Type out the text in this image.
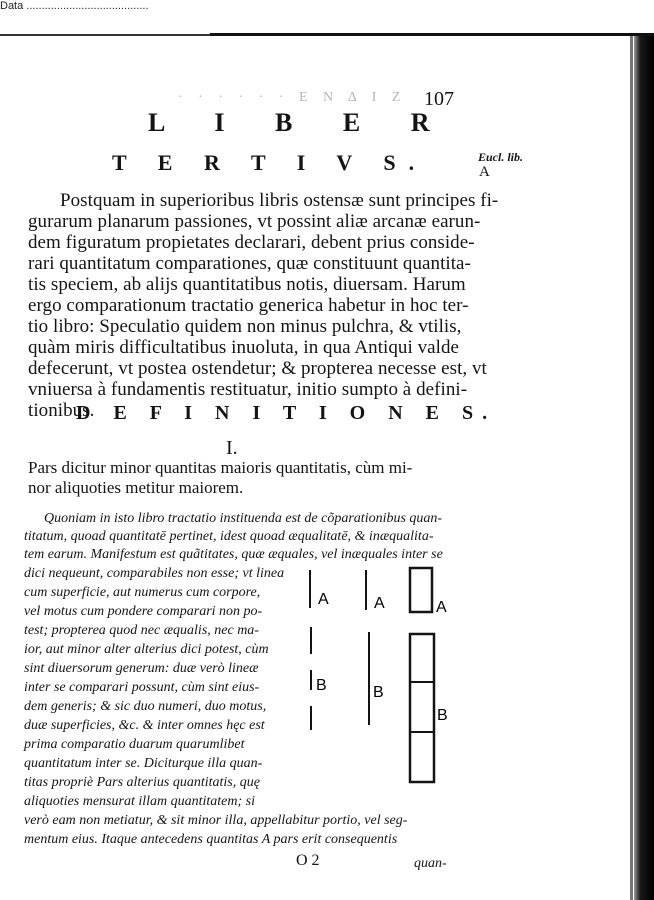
Data ........................................
· · · · · · Ε Ν Δ Ι Ζ 107
L I B E R
T E R T I V S.	Eucl. lib.
A
Postquam in superioribus libris ostensæ sunt principes fi-
gurarum planarum passiones, vt possint aliæ arcanæ earun-
dem figuratum propietates declarari, debent prius conside-
rari quantitatum comparationes, quæ constituunt quantita-
tis speciem, ab alijs quantitatibus notis, diuersam. Harum
ergo comparationum tractatio generica habetur in hoc ter-
tio libro: Speculatio quidem non minus pulchra, & vtilis,
quàm miris difficultatibus inuoluta, in qua Antiqui valde
defecerunt, vt postea ostendetur; & propterea necesse est, vt
vniuersa à fundamentis restituatur, initio sumpto à defini-
tionibus.
D E F I N I T I O N E S.
I.
Pars dicitur minor quantitas maioris quantitatis, cùm mi-
nor aliquoties metitur maiorem.
Quoniam in isto libro tractatio instituenda est de cõparationibus quan-
titatum, quoad quantitatē pertinet, idest quoad æqualitatē, & inæqualita-
tem earum. Manifestum est quãtitates, quæ æquales, vel inæquales inter se
dici nequeunt, comparabiles non esse; vt linea
cum superficie, aut numerus cum corpore,
vel motus cum pondere comparari non po-
test; propterea quod nec æqualis, nec ma-
ior, aut minor alter alterius dici potest, cùm
sint diuersorum generum: duæ verò lineæ
inter se comparari possunt, cùm sint eius-
dem generis; & sic duo numeri, duo motus,
duæ superficies, &c. & inter omnes hęc est
prima comparatio duarum quarumlibet
quantitatum inter se. Diciturque illa quan-
titas propriè Pars alterius quantitatis, quę
aliquoties mensurat illam quantitatem; si
verò eam non metiatur, & sit minor illa, appellabitur portio, vel seg-
mentum eius. Itaque antecedens quantitas A pars erit consequentis
O 2	quan-
A	A	A
B	B
B
